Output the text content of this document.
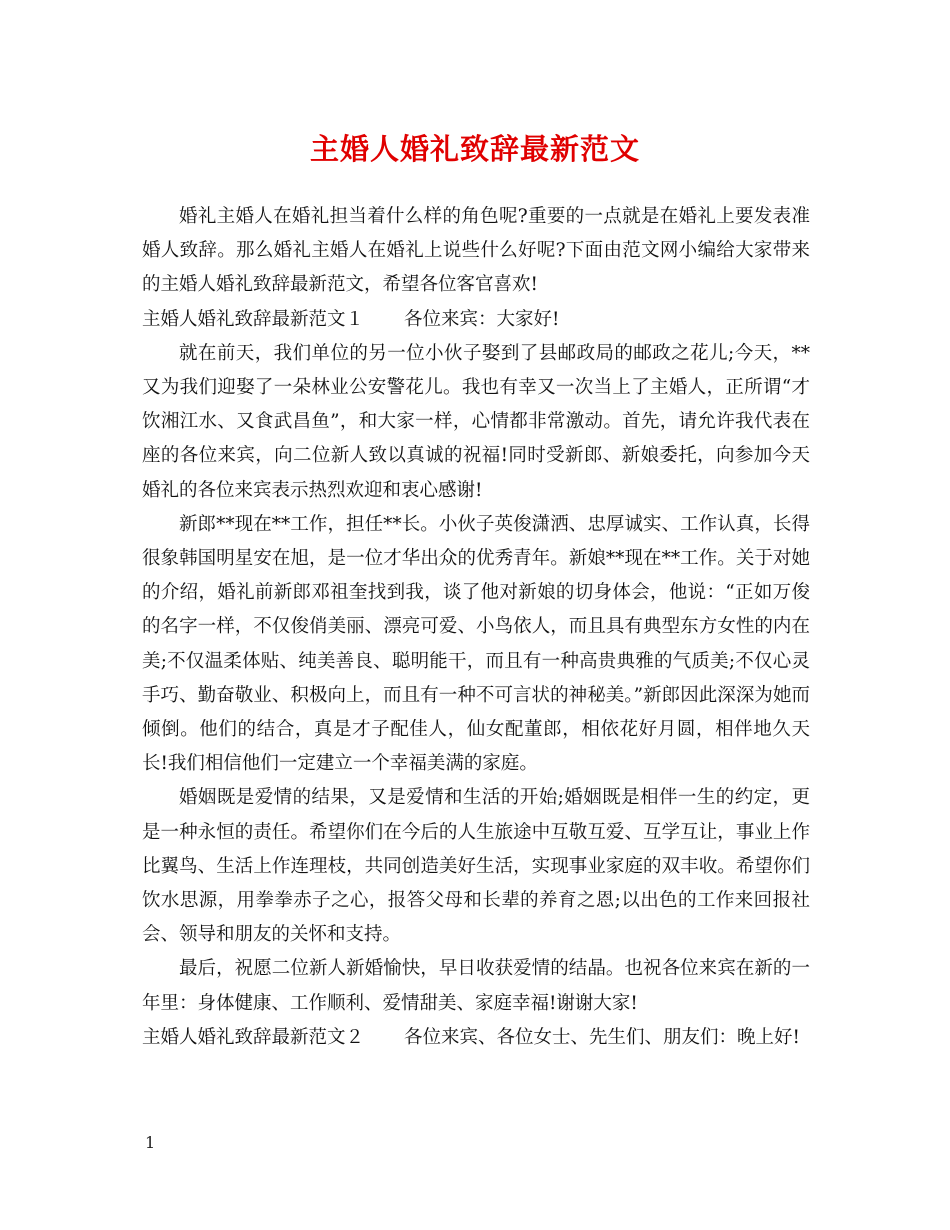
主婚人婚礼致辞最新范文

婚礼主婚人在婚礼担当着什么样的角色呢?重要的一点就是在婚礼上要发表准婚人致辞。那么婚礼主婚人在婚礼上说些什么好呢?下面由范文网小编给大家带来的主婚人婚礼致辞最新范文，希望各位客官喜欢!

主婚人婚礼致辞最新范文１ 各位来宾：大家好!

就在前天，我们单位的另一位小伙子娶到了县邮政局的邮政之花儿;今天，**又为我们迎娶了一朵林业公安警花儿。我也有幸又一次当上了主婚人，正所谓“才饮湘江水、又食武昌鱼”，和大家一样，心情都非常激动。首先，请允许我代表在座的各位来宾，向二位新人致以真诚的祝福!同时受新郎、新娘委托，向参加今天婚礼的各位来宾表示热烈欢迎和衷心感谢!

新郎**现在**工作，担任**长。小伙子英俊潇洒、忠厚诚实、工作认真，长得很象韩国明星安在旭，是一位才华出众的优秀青年。新娘**现在**工作。关于对她的介绍，婚礼前新郎邓祖奎找到我，谈了他对新娘的切身体会，他说：“正如万俊的名字一样，不仅俊俏美丽、漂亮可爱、小鸟依人，而且具有典型东方女性的内在美;不仅温柔体贴、纯美善良、聪明能干，而且有一种高贵典雅的气质美;不仅心灵手巧、勤奋敬业、积极向上，而且有一种不可言状的神秘美。”新郎因此深深为她而倾倒。他们的结合，真是才子配佳人，仙女配董郎，相依花好月圆，相伴地久天长!我们相信他们一定建立一个幸福美满的家庭。

婚姻既是爱情的结果，又是爱情和生活的开始;婚姻既是相伴一生的约定，更是一种永恒的责任。希望你们在今后的人生旅途中互敬互爱、互学互让，事业上作比翼鸟、生活上作连理枝，共同创造美好生活，实现事业家庭的双丰收。希望你们饮水思源，用拳拳赤子之心，报答父母和长辈的养育之恩;以出色的工作来回报社会、领导和朋友的关怀和支持。

最后，祝愿二位新人新婚愉快，早日收获爱情的结晶。也祝各位来宾在新的一年里：身体健康、工作顺利、爱情甜美、家庭幸福!谢谢大家!

主婚人婚礼致辞最新范文２ 各位来宾、各位女士、先生们、朋友们：晚上好!

1
